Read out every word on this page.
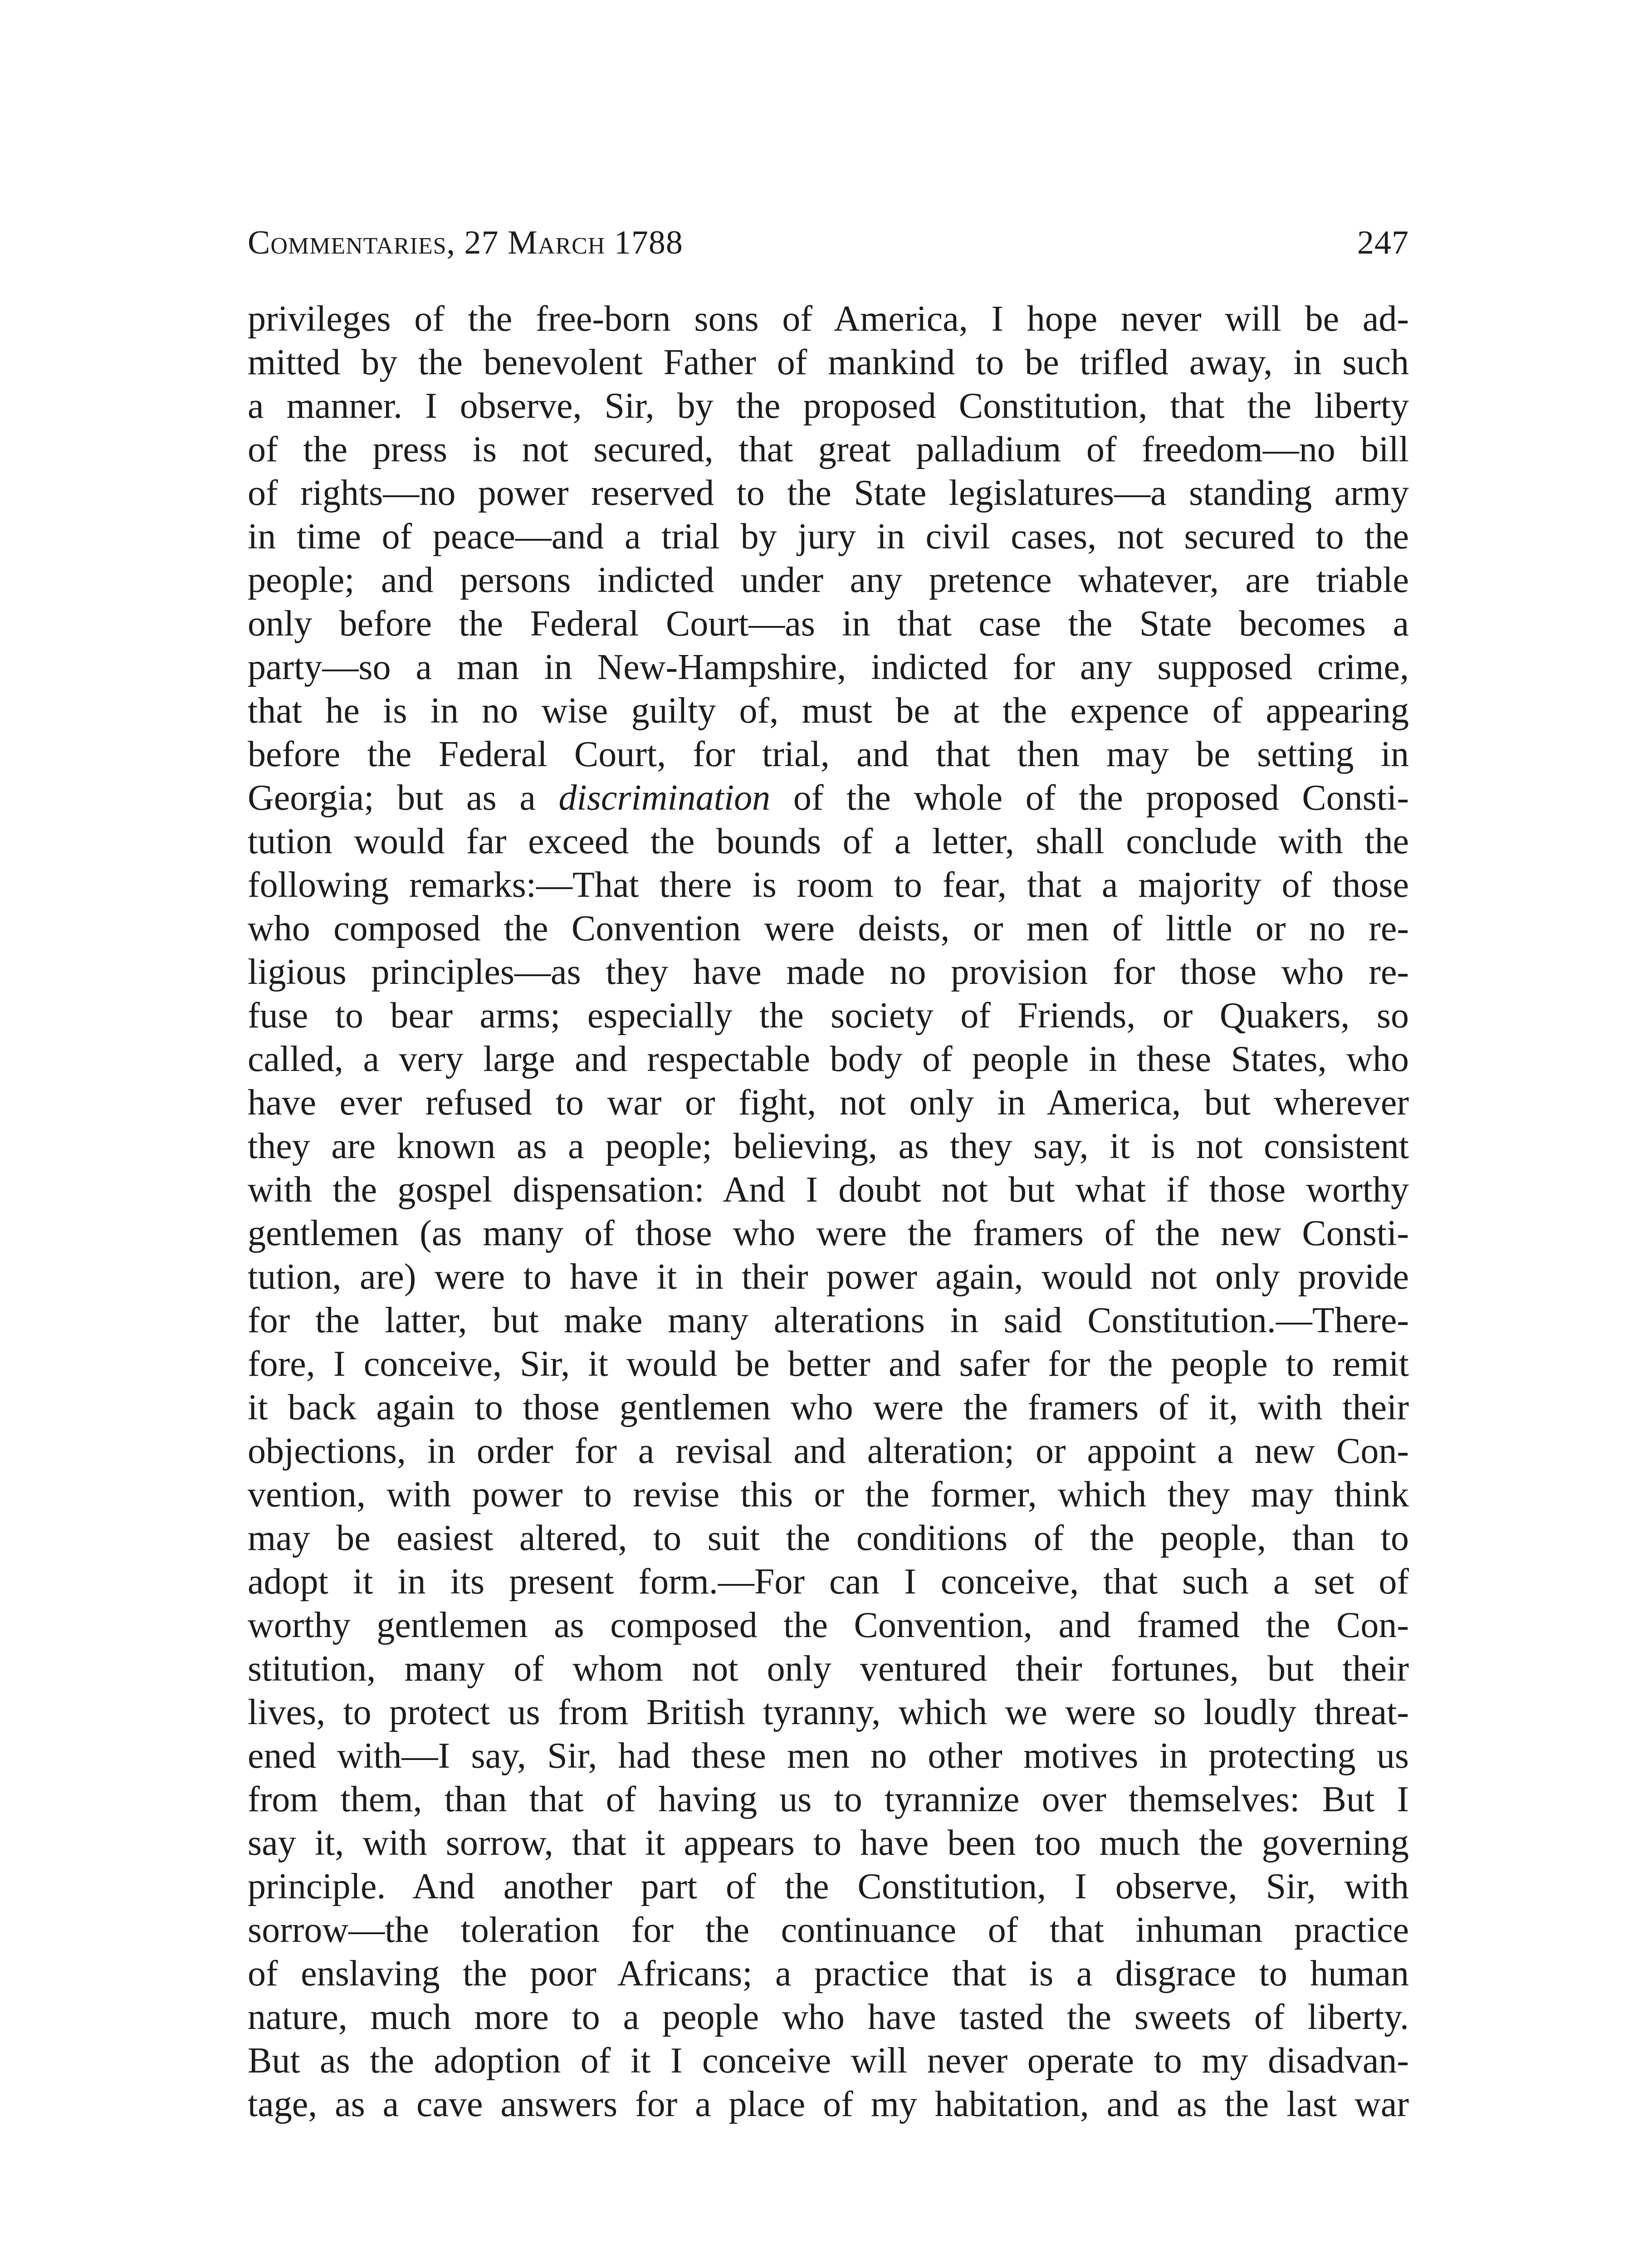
Commentaries, 27 March 1788	247
privileges of the free-born sons of America, I hope never will be ad-
mitted by the benevolent Father of mankind to be trifled away, in such
a manner. I observe, Sir, by the proposed Constitution, that the liberty
of the press is not secured, that great palladium of freedom—no bill
of rights—no power reserved to the State legislatures—a standing army
in time of peace—and a trial by jury in civil cases, not secured to the
people; and persons indicted under any pretence whatever, are triable
only before the Federal Court—as in that case the State becomes a
party—so a man in New-Hampshire, indicted for any supposed crime,
that he is in no wise guilty of, must be at the expence of appearing
before the Federal Court, for trial, and that then may be setting in
Georgia; but as a discrimination of the whole of the proposed Consti-
tution would far exceed the bounds of a letter, shall conclude with the
following remarks:—That there is room to fear, that a majority of those
who composed the Convention were deists, or men of little or no re-
ligious principles—as they have made no provision for those who re-
fuse to bear arms; especially the society of Friends, or Quakers, so
called, a very large and respectable body of people in these States, who
have ever refused to war or fight, not only in America, but wherever
they are known as a people; believing, as they say, it is not consistent
with the gospel dispensation: And I doubt not but what if those worthy
gentlemen (as many of those who were the framers of the new Consti-
tution, are) were to have it in their power again, would not only provide
for the latter, but make many alterations in said Constitution.—There-
fore, I conceive, Sir, it would be better and safer for the people to remit
it back again to those gentlemen who were the framers of it, with their
objections, in order for a revisal and alteration; or appoint a new Con-
vention, with power to revise this or the former, which they may think
may be easiest altered, to suit the conditions of the people, than to
adopt it in its present form.—For can I conceive, that such a set of
worthy gentlemen as composed the Convention, and framed the Con-
stitution, many of whom not only ventured their fortunes, but their
lives, to protect us from British tyranny, which we were so loudly threat-
ened with—I say, Sir, had these men no other motives in protecting us
from them, than that of having us to tyrannize over themselves: But I
say it, with sorrow, that it appears to have been too much the governing
principle. And another part of the Constitution, I observe, Sir, with
sorrow—the toleration for the continuance of that inhuman practice
of enslaving the poor Africans; a practice that is a disgrace to human
nature, much more to a people who have tasted the sweets of liberty.
But as the adoption of it I conceive will never operate to my disadvan-
tage, as a cave answers for a place of my habitation, and as the last war
